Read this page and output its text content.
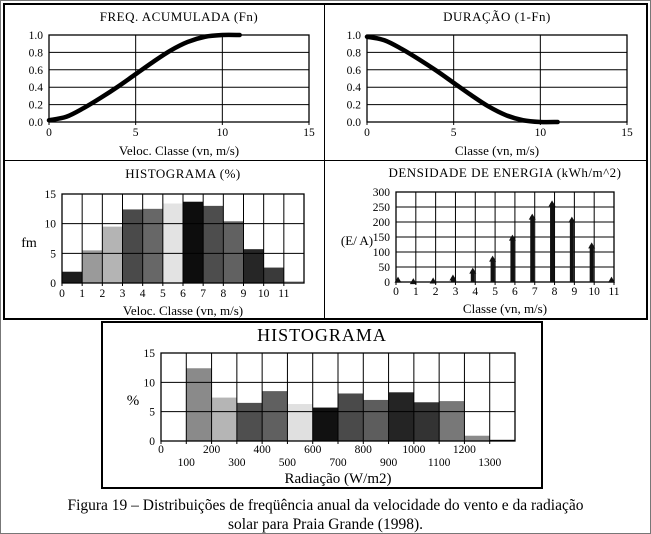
0	5	10	15
0.0
0.2
0.4
0.6
0.8
1.0
FREQ. ACUMULADA (Fn)
Veloc. Classe (vn, m/s)
0	5	10	15
0.0
0.2
0.4
0.6
0.8
1.0
DURAÇÃO (1-Fn)
Classe (vn, m/s)
0 1 2 3 4 5 6 7 8 9 10 11
0
5
10
15
HISTOGRAMA (%)
Veloc. Classe (vn, m/s)
fm
0 1 2 3 4 5 6 7 8 9 10 11
0
50
100
150
200
250
300
DENSIDADE DE ENERGIA (kWh/m^2)
Classe (vn, m/s)
(E/ A)
HISTOGRAMA
0
100
200
300
400
500
600
700
800
900
1000
1100
1200
1300
0
5
10
15
Radiação (W/m2)
%
Figura 19 – Distribuições de freqüência anual da velocidade do vento e da radiação
solar para Praia Grande (1998).
